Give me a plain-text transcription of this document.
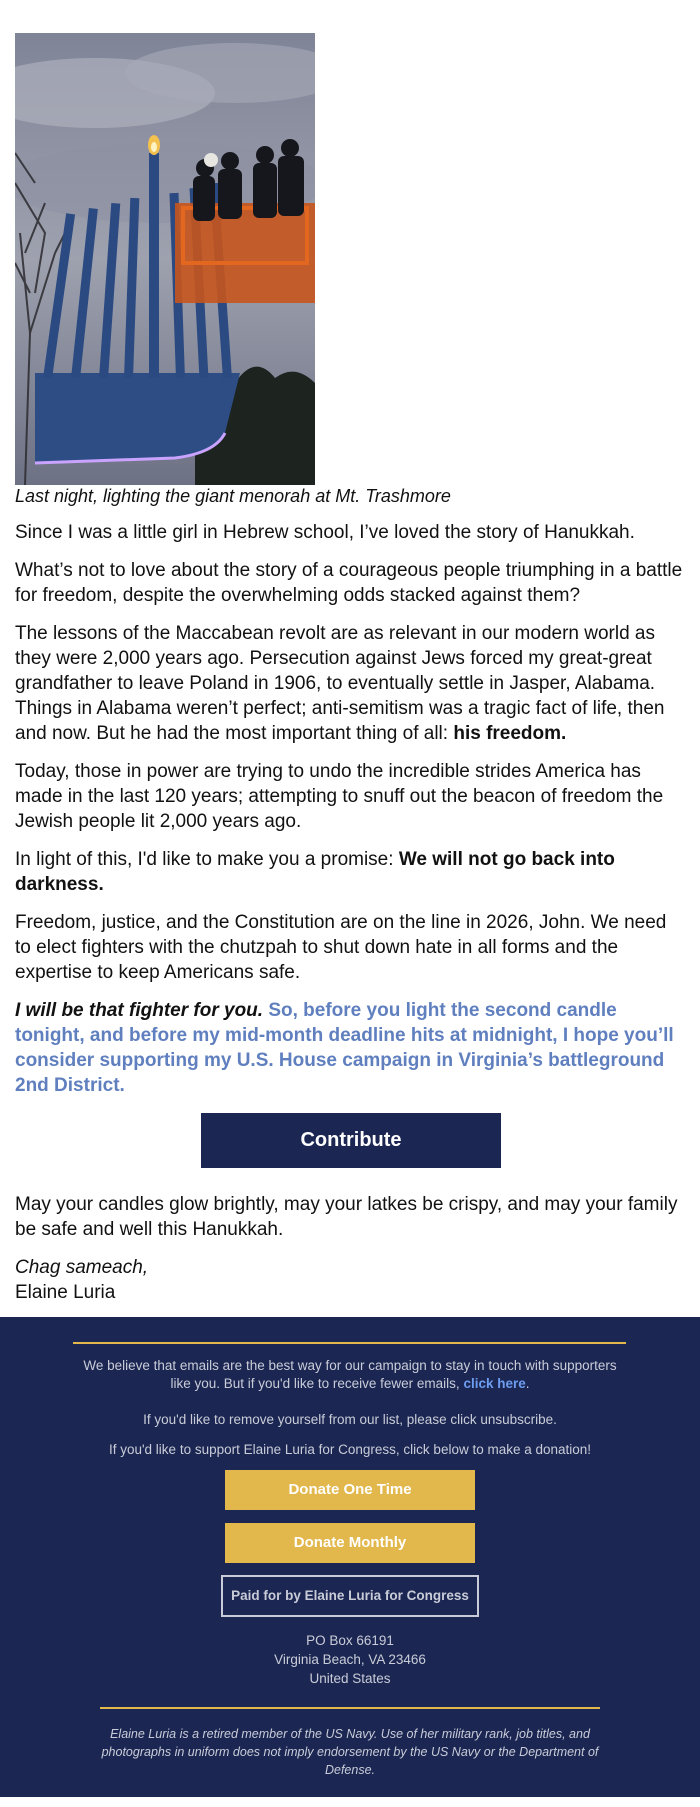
Last night, lighting the giant menorah at Mt. Trashmore

Since I was a little girl in Hebrew school, I’ve loved the story of Hanukkah.

What’s not to love about the story of a courageous people triumphing in a battle for freedom, despite the overwhelming odds stacked against them?

The lessons of the Maccabean revolt are as relevant in our modern world as they were 2,000 years ago. Persecution against Jews forced my great-great grandfather to leave Poland in 1906, to eventually settle in Jasper, Alabama. Things in Alabama weren’t perfect; anti-semitism was a tragic fact of life, then and now. But he had the most important thing of all: his freedom.

Today, those in power are trying to undo the incredible strides America has made in the last 120 years; attempting to snuff out the beacon of freedom the Jewish people lit 2,000 years ago.

In light of this, I'd like to make you a promise: We will not go back into darkness.

Freedom, justice, and the Constitution are on the line in 2026, John. We need to elect fighters with the chutzpah to shut down hate in all forms and the expertise to keep Americans safe.

I will be that fighter for you. So, before you light the second candle tonight, and before my mid-month deadline hits at midnight, I hope you’ll consider supporting my U.S. House campaign in Virginia’s battleground 2nd District.

Contribute

May your candles glow brightly, may your latkes be crispy, and may your family be safe and well this Hanukkah.

Chag sameach,
Elaine Luria
We believe that emails are the best way for our campaign to stay in touch with supporters like you. But if you'd like to receive fewer emails, click here.
If you'd like to remove yourself from our list, please click unsubscribe.
If you'd like to support Elaine Luria for Congress, click below to make a donation!
Donate One Time
Donate Monthly
Paid for by Elaine Luria for Congress
PO Box 66191
Virginia Beach, VA 23466
United States
Elaine Luria is a retired member of the US Navy. Use of her military rank, job titles, and photographs in uniform does not imply endorsement by the US Navy or the Department of Defense.
